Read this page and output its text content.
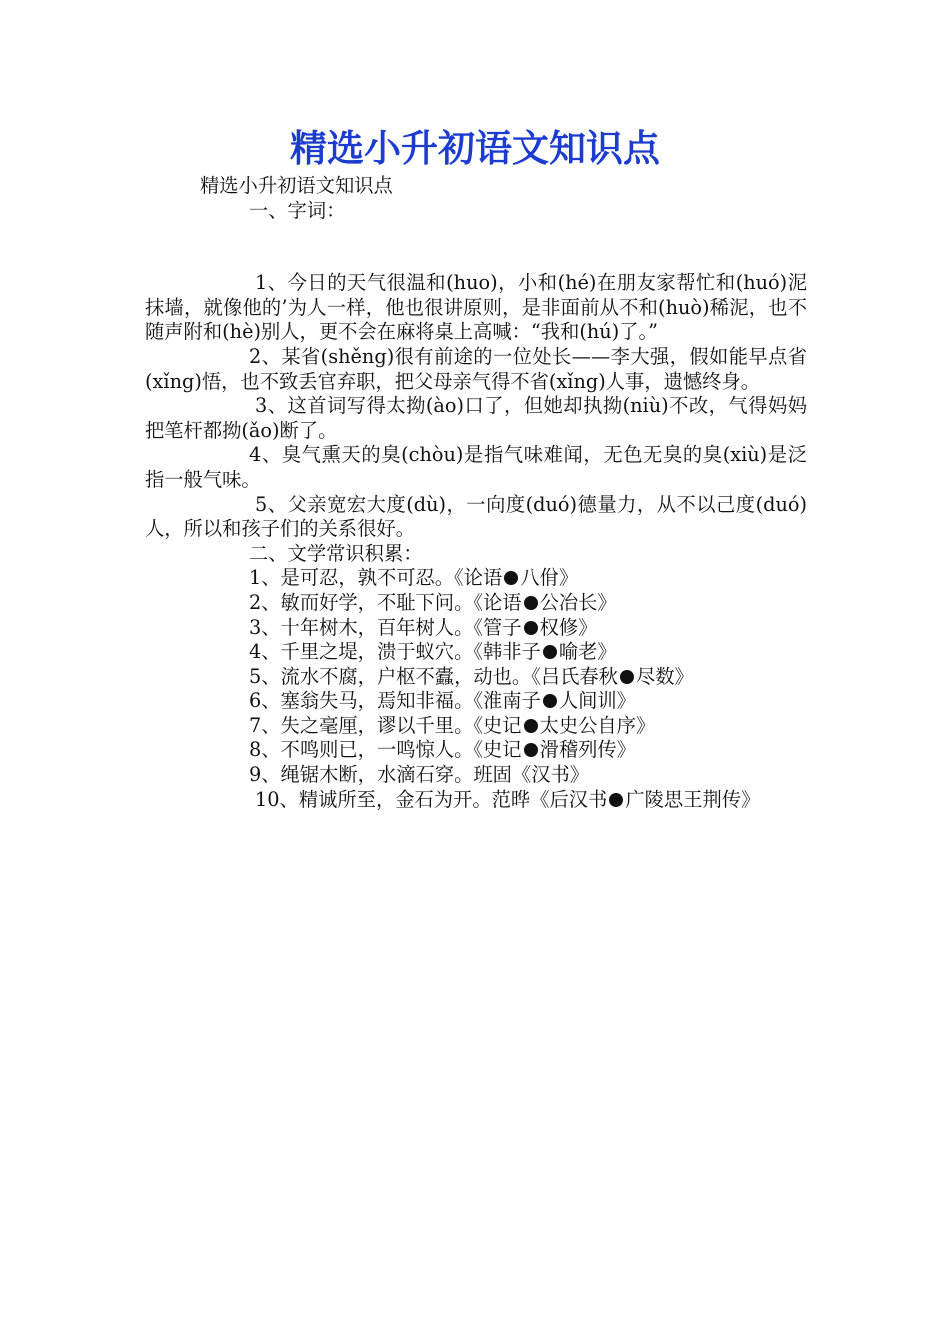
精选小升初语文知识点

精选小升初语文知识点

一、字词：

1、今日的天气很温和(huo)，小和(hé)在朋友家帮忙和(huó)泥抹墙，就像他的’为人一样，他也很讲原则，是非面前从不和(huò)稀泥，也不随声附和(hè)别人，更不会在麻将桌上高喊：“我和(hú)了。”

2、某省(shěng)很有前途的一位处长——李大强，假如能早点省(xǐng)悟，也不致丢官弃职，把父母亲气得不省(xǐng)人事，遗憾终身。

3、这首词写得太拗(ào)口了，但她却执拗(niù)不改，气得妈妈把笔杆都拗(ǎo)断了。

4、臭气熏天的臭(chòu)是指气味难闻，无色无臭的臭(xiù)是泛指一般气味。

5、父亲宽宏大度(dù)，一向度(duó)德量力，从不以己度(duó)人，所以和孩子们的关系很好。

二、文学常识积累：

1、是可忍，孰不可忍。《论语 八佾》

2、敏而好学，不耻下问。《论语 公冶长》

3、十年树木，百年树人。《管子 权修》

4、千里之堤，溃于蚁穴。《韩非子 喻老》

5、流水不腐，户枢不蠹，动也。《吕氏春秋 尽数》

6、塞翁失马，焉知非福。《淮南子 人间训》

7、失之毫厘，谬以千里。《史记 太史公自序》

8、不鸣则已，一鸣惊人。《史记 滑稽列传》

9、绳锯木断，水滴石穿。班固《汉书》

10、精诚所至，金石为开。范晔《后汉书 广陵思王荆传》
